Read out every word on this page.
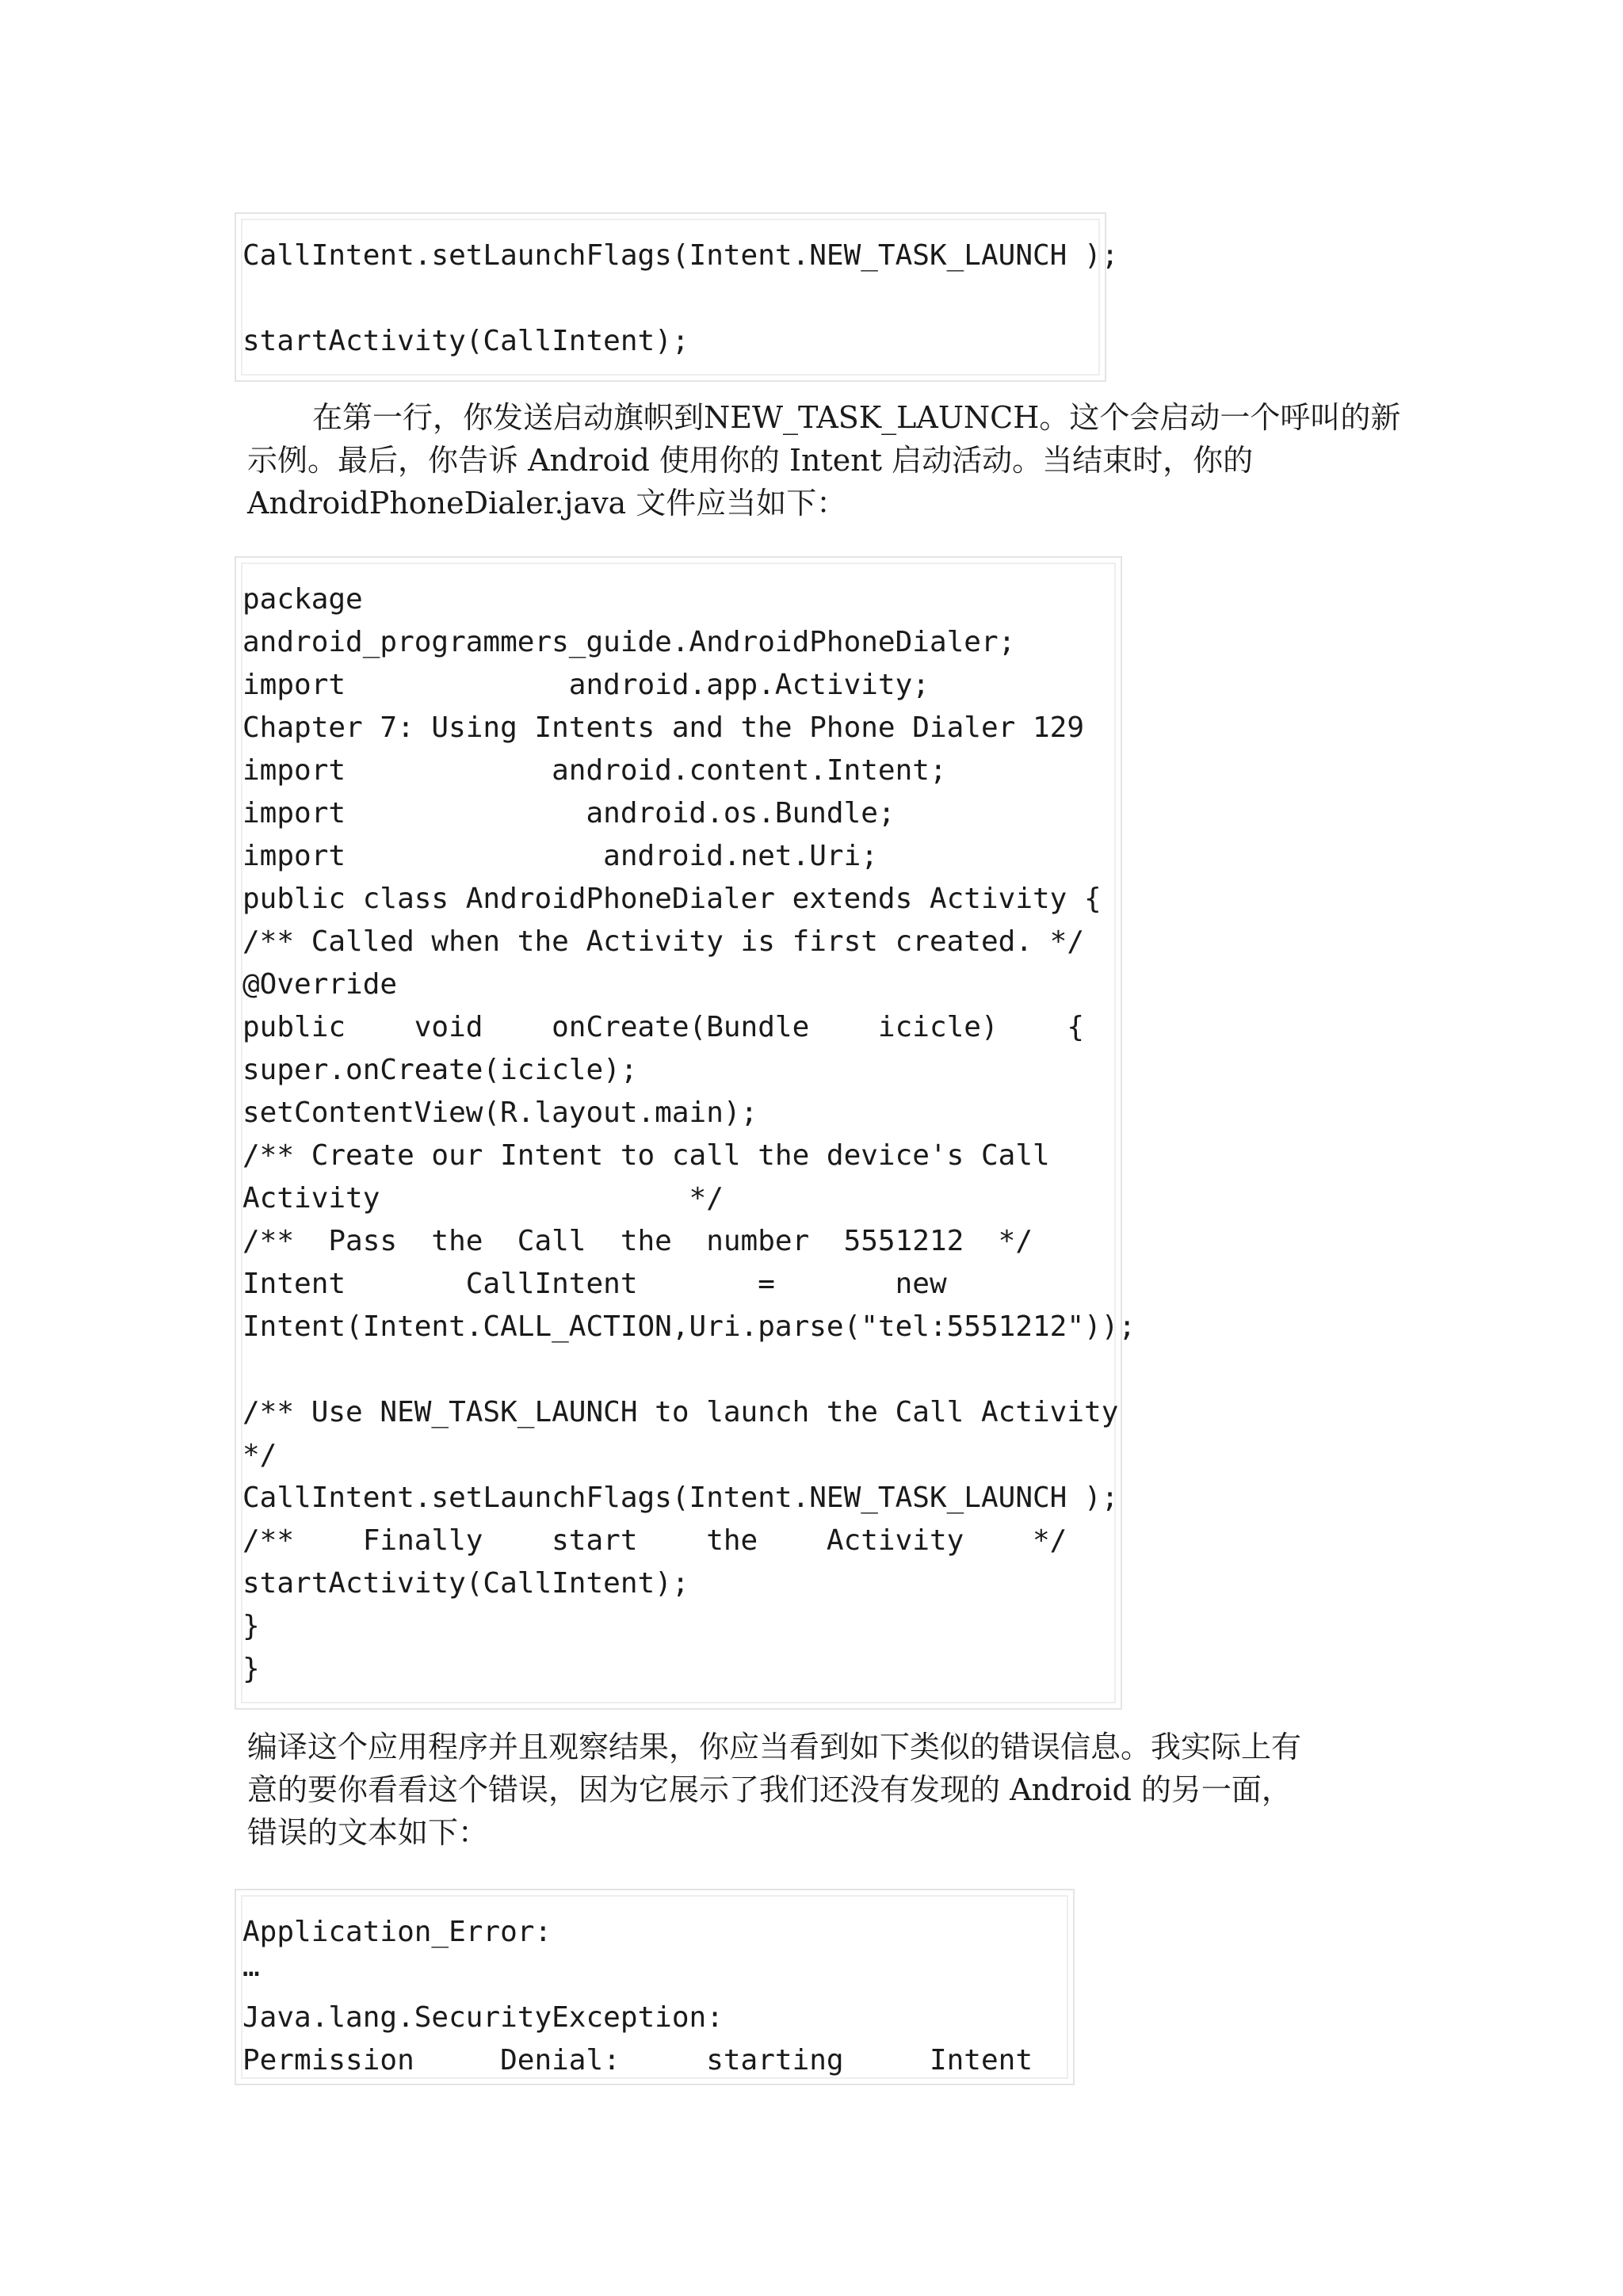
CallIntent.setLaunchFlags(Intent.NEW_TASK_LAUNCH );
startActivity(CallIntent);
在第一行，你发送启动旗帜到NEW_TASK_LAUNCH。这个会启动一个呼叫的新
示例。最后，你告诉 Android 使用你的 Intent 启动活动。当结束时，你的
AndroidPhoneDialer.java 文件应当如下：
package
android_programmers_guide.AndroidPhoneDialer;
import             android.app.Activity;
Chapter 7: Using Intents and the Phone Dialer 129
import            android.content.Intent;
import              android.os.Bundle;
import               android.net.Uri;
public class AndroidPhoneDialer extends Activity {
/** Called when the Activity is first created. */
@Override
public    void    onCreate(Bundle    icicle)    {
super.onCreate(icicle);
setContentView(R.layout.main);
/** Create our Intent to call the device's Call
Activity                  */
/**  Pass  the  Call  the  number  5551212  */
Intent       CallIntent       =       new
Intent(Intent.CALL_ACTION,Uri.parse("tel:5551212"));
/** Use NEW_TASK_LAUNCH to launch the Call Activity
*/
CallIntent.setLaunchFlags(Intent.NEW_TASK_LAUNCH );
/**    Finally    start    the    Activity    */
startActivity(CallIntent);
}
}
编译这个应用程序并且观察结果，你应当看到如下类似的错误信息。我实际上有
意的要你看看这个错误，因为它展示了我们还没有发现的 Android 的另一面，
错误的文本如下：
Application_Error:
…
Java.lang.SecurityException:
Permission     Denial:     starting     Intent
